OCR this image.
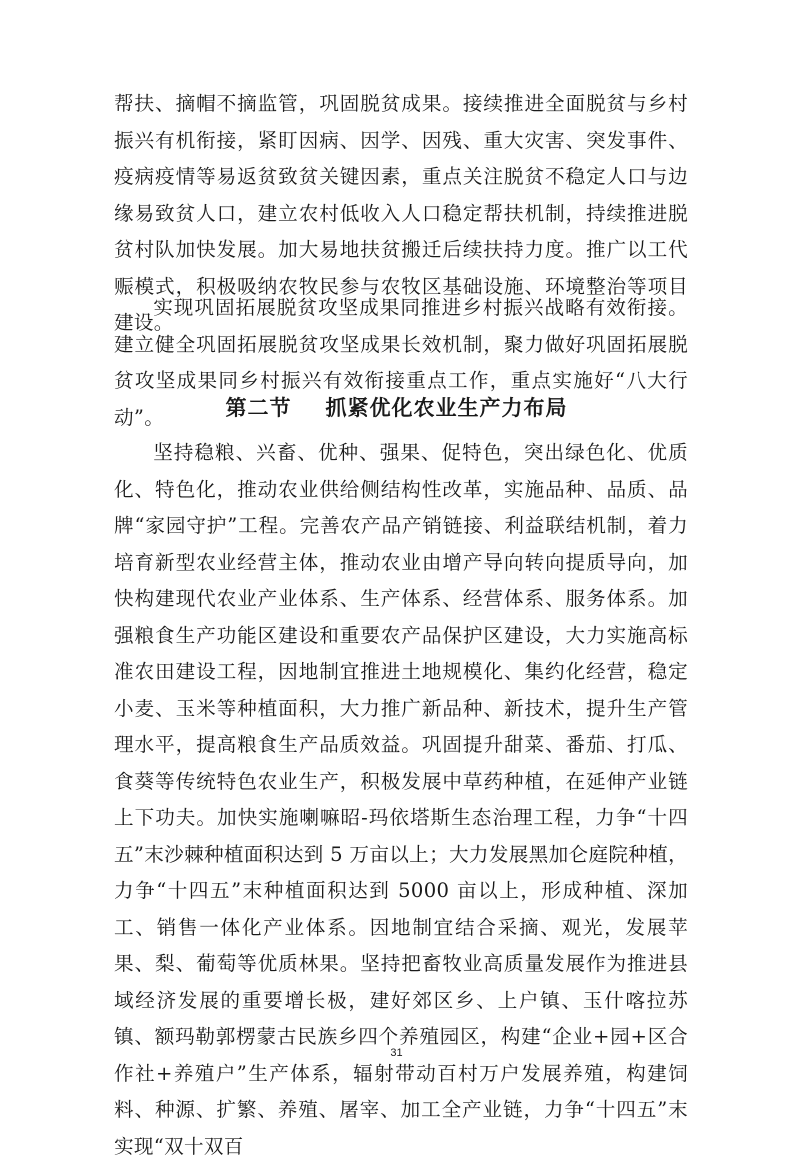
帮扶、摘帽不摘监管，巩固脱贫成果。接续推进全面脱贫与乡村振兴有机衔接，紧盯因病、因学、因残、重大灾害、突发事件、疫病疫情等易返贫致贫关键因素，重点关注脱贫不稳定人口与边缘易致贫人口，建立农村低收入人口稳定帮扶机制，持续推进脱贫村队加快发展。加大易地扶贫搬迁后续扶持力度。推广以工代赈模式，积极吸纳农牧民参与农牧区基础设施、环境整治等项目建设。

实现巩固拓展脱贫攻坚成果同推进乡村振兴战略有效衔接。建立健全巩固拓展脱贫攻坚成果长效机制，聚力做好巩固拓展脱贫攻坚成果同乡村振兴有效衔接重点工作，重点实施好“八大行动”。	第二节 抓紧优化农业生产力布局

坚持稳粮、兴畜、优种、强果、促特色，突出绿色化、优质化、特色化，推动农业供给侧结构性改革，实施品种、品质、品牌“家园守护”工程。完善农产品产销链接、利益联结机制，着力培育新型农业经营主体，推动农业由增产导向转向提质导向，加快构建现代农业产业体系、生产体系、经营体系、服务体系。加强粮食生产功能区建设和重要农产品保护区建设，大力实施高标准农田建设工程，因地制宜推进土地规模化、集约化经营，稳定小麦、玉米等种植面积，大力推广新品种、新技术，提升生产管理水平，提高粮食生产品质效益。巩固提升甜菜、番茄、打瓜、食葵等传统特色农业生产，积极发展中草药种植，在延伸产业链上下功夫。加快实施喇嘛昭-玛依塔斯生态治理工程，力争“十四五”末沙棘种植面积达到 5 万亩以上；大力发展黑加仑庭院种植，力争“十四五”末种植面积达到 5000 亩以上，形成种植、深加工、销售一体化产业体系。因地制宜结合采摘、观光，发展苹果、梨、葡萄等优质林果。坚持把畜牧业高质量发展作为推进县域经济发展的重要增长极，建好郊区乡、上户镇、玉什喀拉苏镇、额玛勒郭楞蒙古民族乡四个养殖园区，构建“企业+园+区合作社+养殖户”生产体系，辐射带动百村万户发展养殖，构建饲料、种源、扩繁、养殖、屠宰、加工全产业链，力争“十四五”末实现“双十双百

31
